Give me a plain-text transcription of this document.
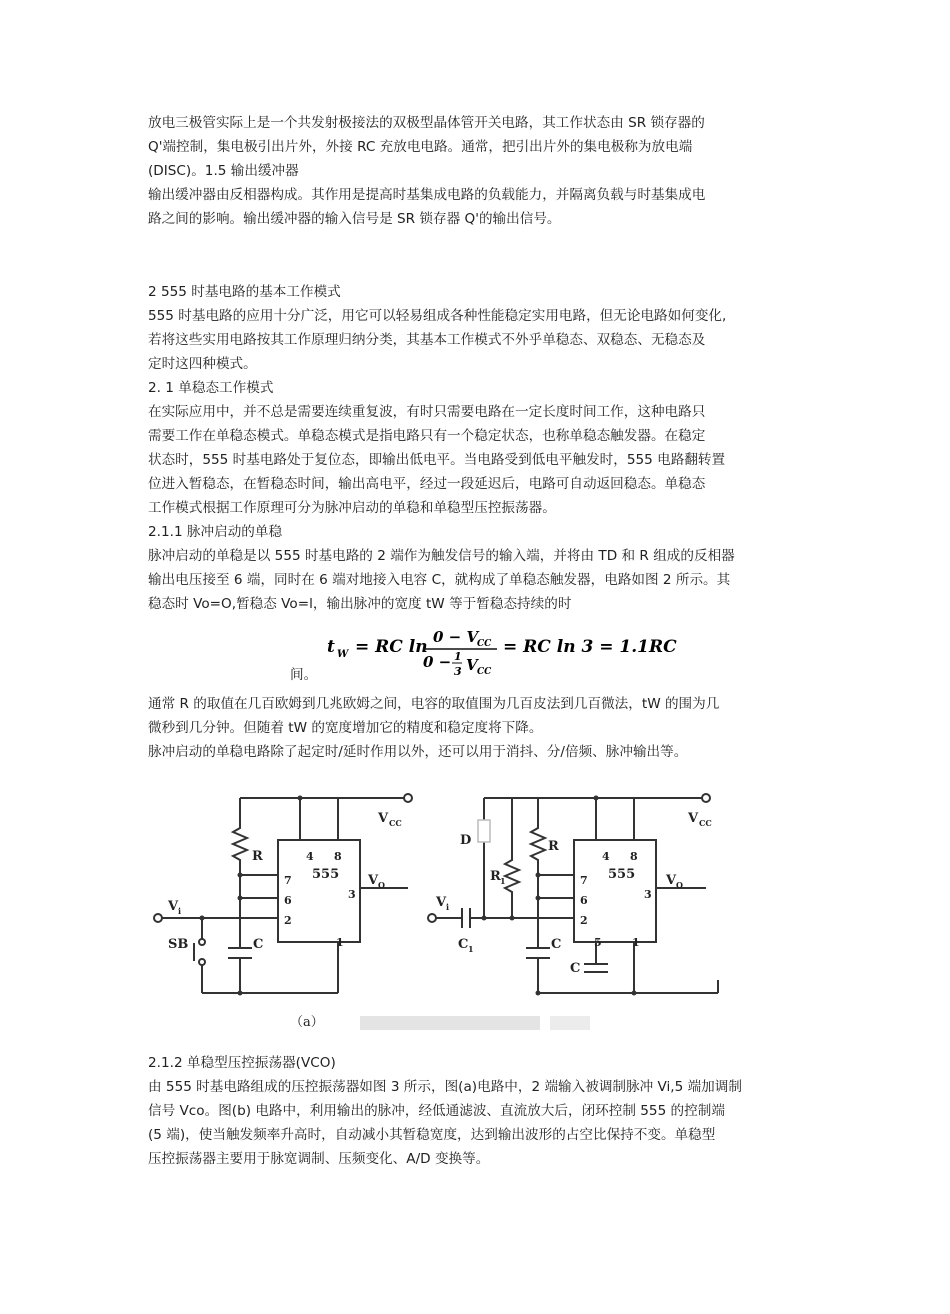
放电三极管实际上是一个共发射极接法的双极型晶体管开关电路，其工作状态由 SR 锁存器的
Q'端控制，集电极引出片外，外接 RC 充放电电路。通常，把引出片外的集电极称为放电端
(DISC)。1.5 输出缓冲器
输出缓冲器由反相器构成。其作用是提高时基集成电路的负载能力，并隔离负载与时基集成电
路之间的影响。输出缓冲器的输入信号是 SR 锁存器 Q'的输出信号。
2 555 时基电路的基本工作模式
555 时基电路的应用十分广泛，用它可以轻易组成各种性能稳定实用电路，但无论电路如何变化,
若将这些实用电路按其工作原理归纳分类，其基本工作模式不外乎单稳态、双稳态、无稳态及
定时这四种模式。
2. 1 单稳态工作模式
在实际应用中，并不总是需要连续重复波，有时只需要电路在一定长度时间工作，这种电路只
需要工作在单稳态模式。单稳态模式是指电路只有一个稳定状态，也称单稳态触发器。在稳定
状态时，555 时基电路处于复位态，即输出低电平。当电路受到低电平触发时，555 电路翻转置
位进入暂稳态，在暂稳态时间，输出高电平，经过一段延迟后，电路可自动返回稳态。单稳态
工作模式根据工作原理可分为脉冲启动的单稳和单稳型压控振荡器。
2.1.1 脉冲启动的单稳
脉冲启动的单稳是以 555 时基电路的 2 端作为触发信号的输入端，并将由 TD 和 R 组成的反相器
输出电压接至 6 端，同时在 6 端对地接入电容 C，就构成了单稳态触发器，电路如图 2 所示。其
稳态时 Vo=O,暂稳态 Vo=l，输出脉冲的宽度 tW 等于暂稳态持续的时
t W = RC ln 0 − V
CC
0 − 1
3 V CC
= RC ln 3 = 1.1RC
间。
通常 R 的取值在几百欧姆到几兆欧姆之间，电容的取值围为几百皮法到几百微法，tW 的围为几
微秒到几分钟。但随着 tW 的宽度增加它的精度和稳定度将下降。
脉冲启动的单稳电路除了起定时/延时作用以外，还可以用于消抖、分/倍频、脉冲输出等。
V CC
4 8
555
7
6
2
3
1
R
C
SB
V i
V O
（a）
V CC
4 8
555
7
6
2
3
5	1
D
R 1
R
C
C
C 1
V i
V O
2.1.2 单稳型压控振荡器(VCO)
由 555 时基电路组成的压控振荡器如图 3 所示，图(a)电路中，2 端输入被调制脉冲 Vi,5 端加调制
信号 Vco。图(b) 电路中，利用输出的脉冲，经低通滤波、直流放大后，闭环控制 555 的控制端
(5 端)，使当触发频率升高时，自动减小其暂稳宽度，达到输出波形的占空比保持不变。单稳型
压控振荡器主要用于脉宽调制、压频变化、A/D 变换等。
